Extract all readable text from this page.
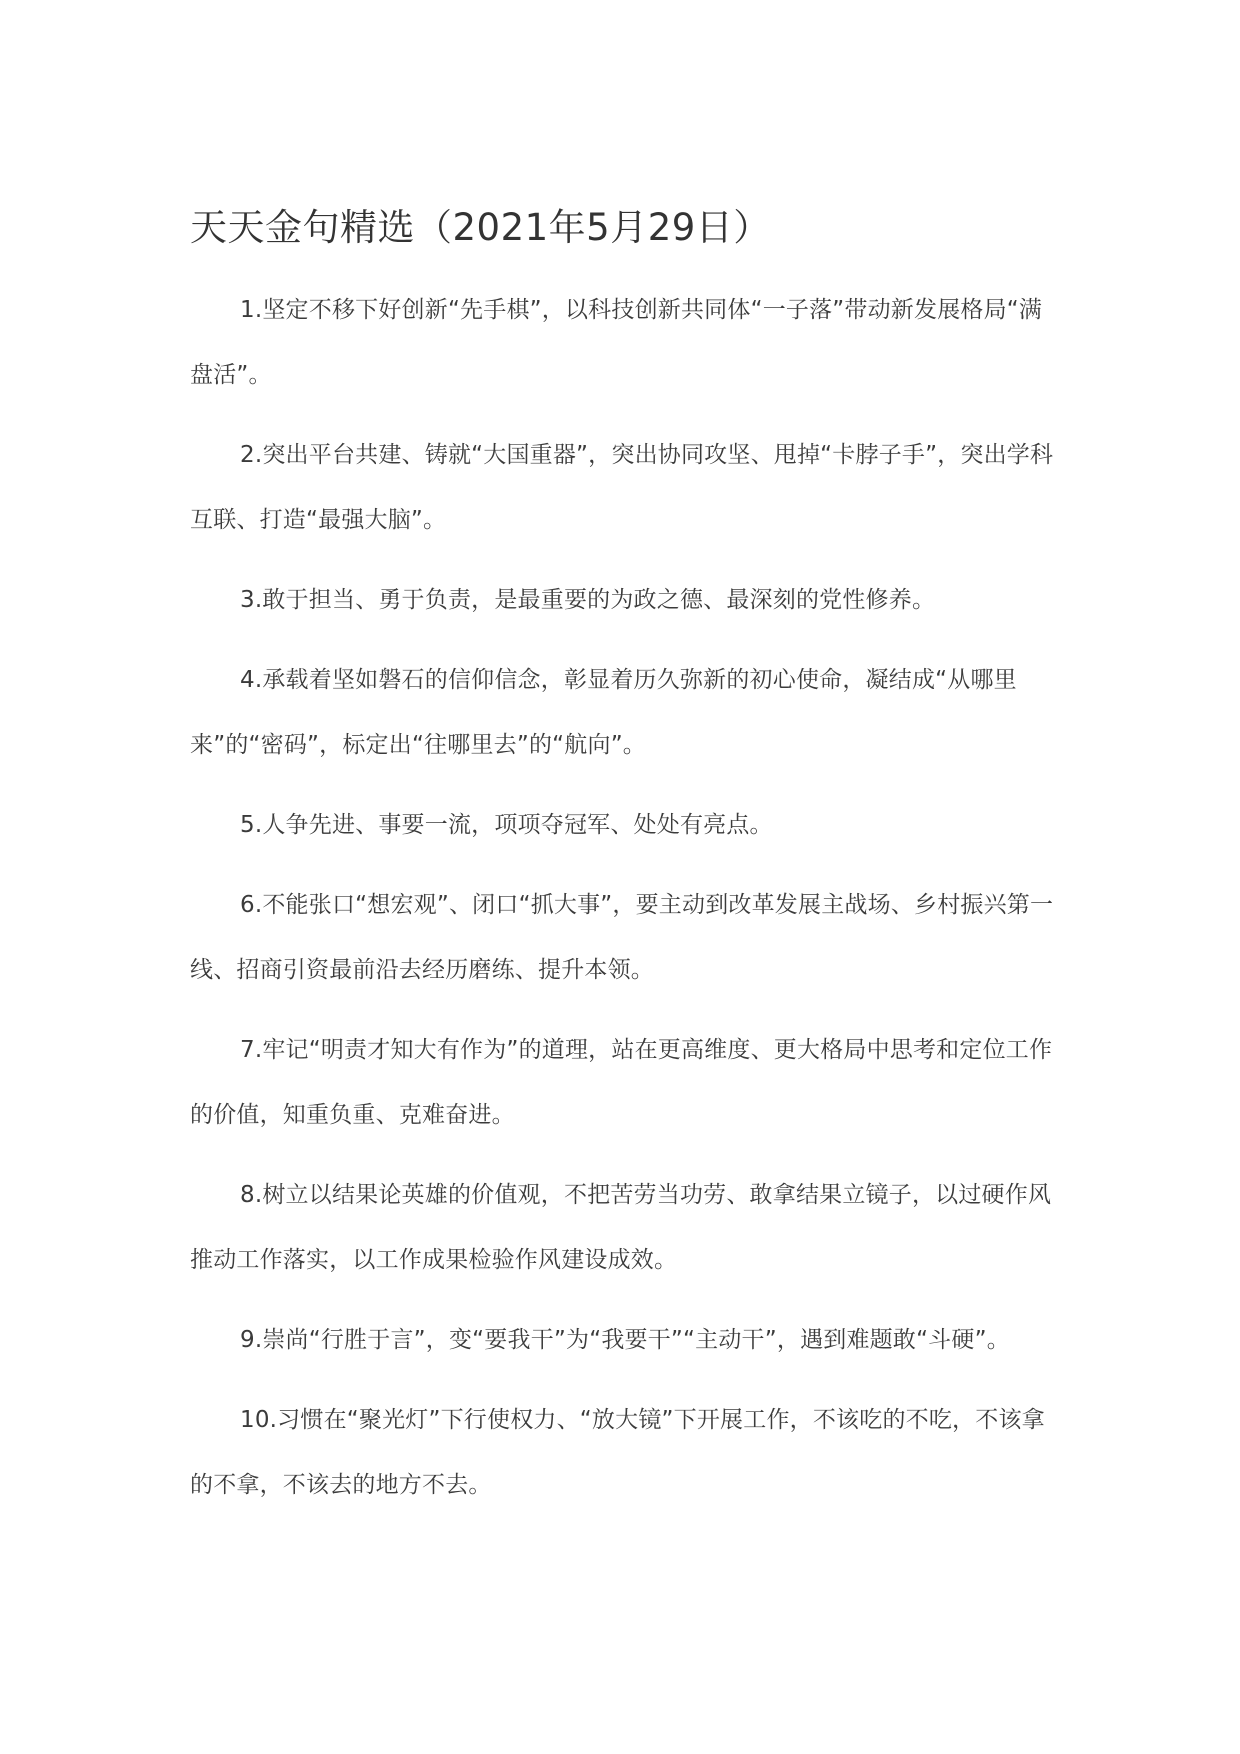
天天金句精选（2021年5月29日）

1.坚定不移下好创新“先手棋”，以科技创新共同体“一子落”带动新发展格局“满盘活”。

2.突出平台共建、铸就“大国重器”，突出协同攻坚、甩掉“卡脖子手”，突出学科互联、打造“最强大脑”。

3.敢于担当、勇于负责，是最重要的为政之德、最深刻的党性修养。

4.承载着坚如磐石的信仰信念，彰显着历久弥新的初心使命，凝结成“从哪里来”的“密码”，标定出“往哪里去”的“航向”。

5.人争先进、事要一流，项项夺冠军、处处有亮点。

6.不能张口“想宏观”、闭口“抓大事”，要主动到改革发展主战场、乡村振兴第一线、招商引资最前沿去经历磨练、提升本领。

7.牢记“明责才知大有作为”的道理，站在更高维度、更大格局中思考和定位工作的价值，知重负重、克难奋进。

8.树立以结果论英雄的价值观，不把苦劳当功劳、敢拿结果立镜子，以过硬作风推动工作落实，以工作成果检验作风建设成效。

9.崇尚“行胜于言”，变“要我干”为“我要干”“主动干”，遇到难题敢“斗硬”。

10.习惯在“聚光灯”下行使权力、“放大镜”下开展工作，不该吃的不吃，不该拿的不拿，不该去的地方不去。
